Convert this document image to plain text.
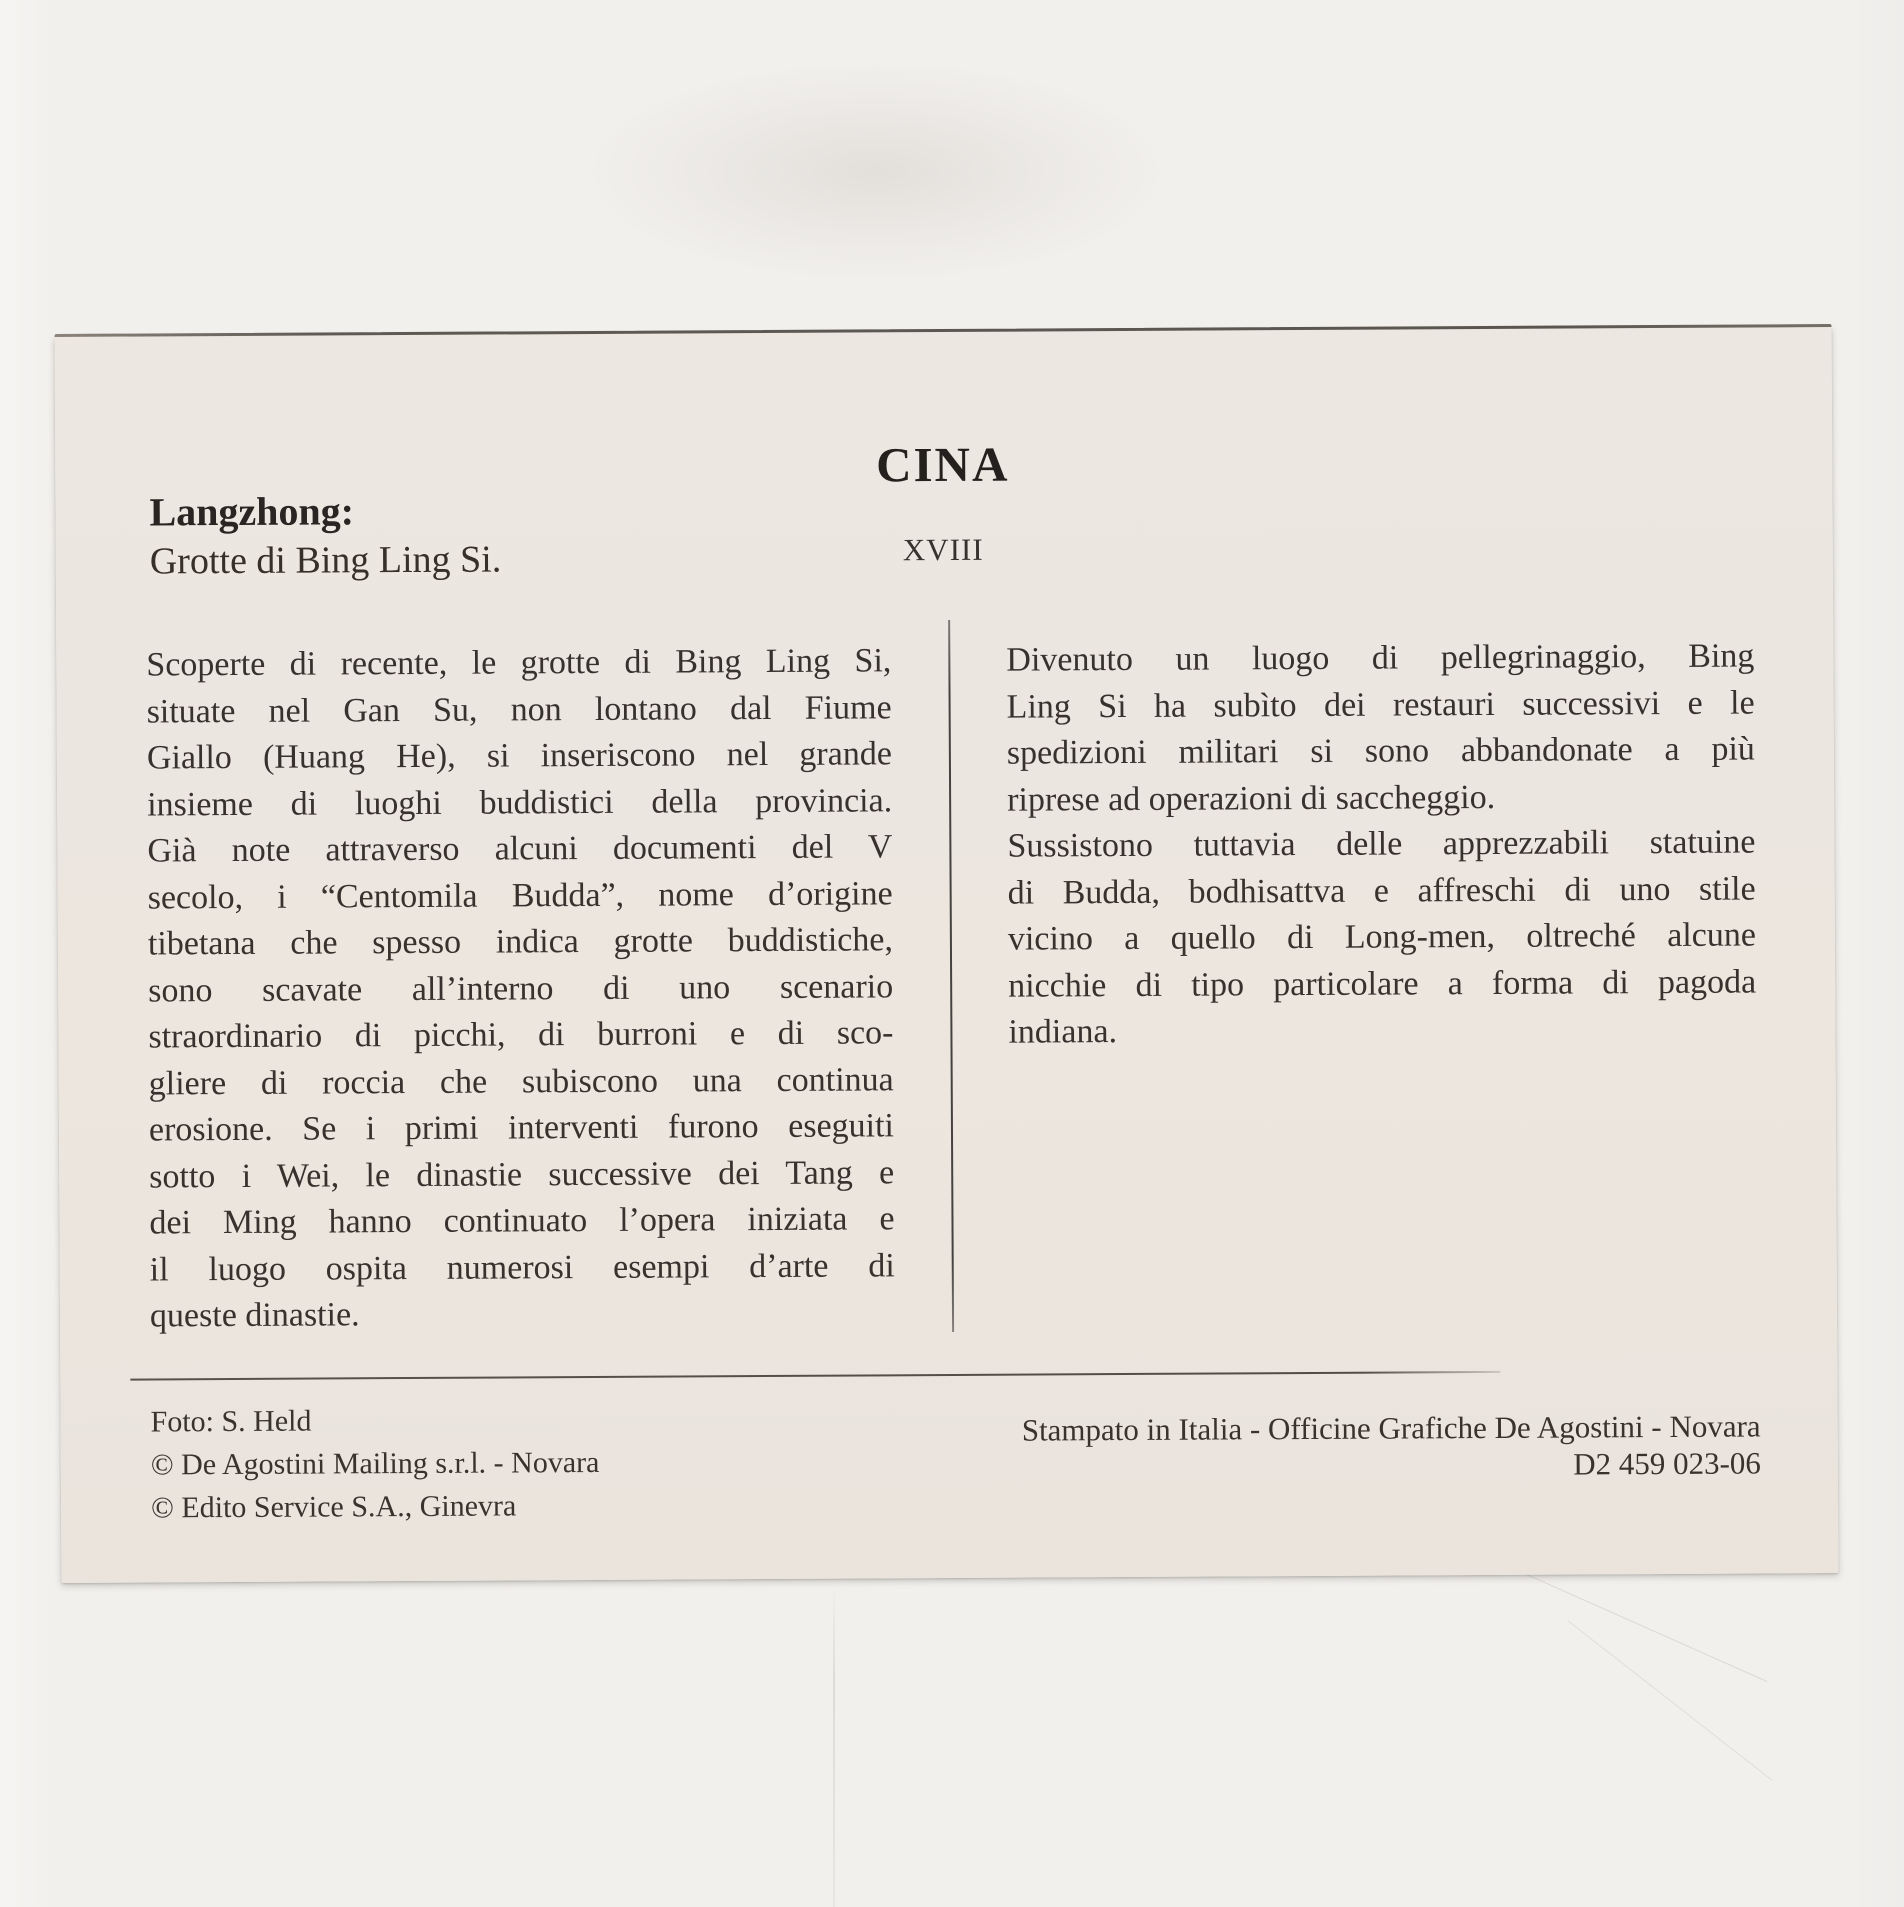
CINA
XVIII
Langzhong:
Grotte di Bing Ling Si.
Scoperte di recente, le grotte di Bing Ling Si,
situate nel Gan Su, non lontano dal Fiume
Giallo (Huang He), si inseriscono nel grande
insieme di luoghi buddistici della provincia.
Già note attraverso alcuni documenti del V
secolo, i “Centomila Budda”, nome d’origine
tibetana che spesso indica grotte buddistiche,
sono scavate all’interno di uno scenario
straordinario di picchi, di burroni e di sco-
gliere di roccia che subiscono una continua
erosione. Se i primi interventi furono eseguiti
sotto i Wei, le dinastie successive dei Tang e
dei Ming hanno continuato l’opera iniziata e
il luogo ospita numerosi esempi d’arte di
queste dinastie.
Divenuto un luogo di pellegrinaggio, Bing
Ling Si ha subìto dei restauri successivi e le
spedizioni militari si sono abbandonate a più
riprese ad operazioni di saccheggio.
Sussistono tuttavia delle apprezzabili statuine
di Budda, bodhisattva e affreschi di uno stile
vicino a quello di Long-men, oltreché alcune
nicchie di tipo particolare a forma di pagoda
indiana.
Foto: S. Held
© De Agostini Mailing s.r.l. - Novara
© Edito Service S.A., Ginevra
Stampato in Italia - Officine Grafiche De Agostini - Novara
D2 459 023-06
